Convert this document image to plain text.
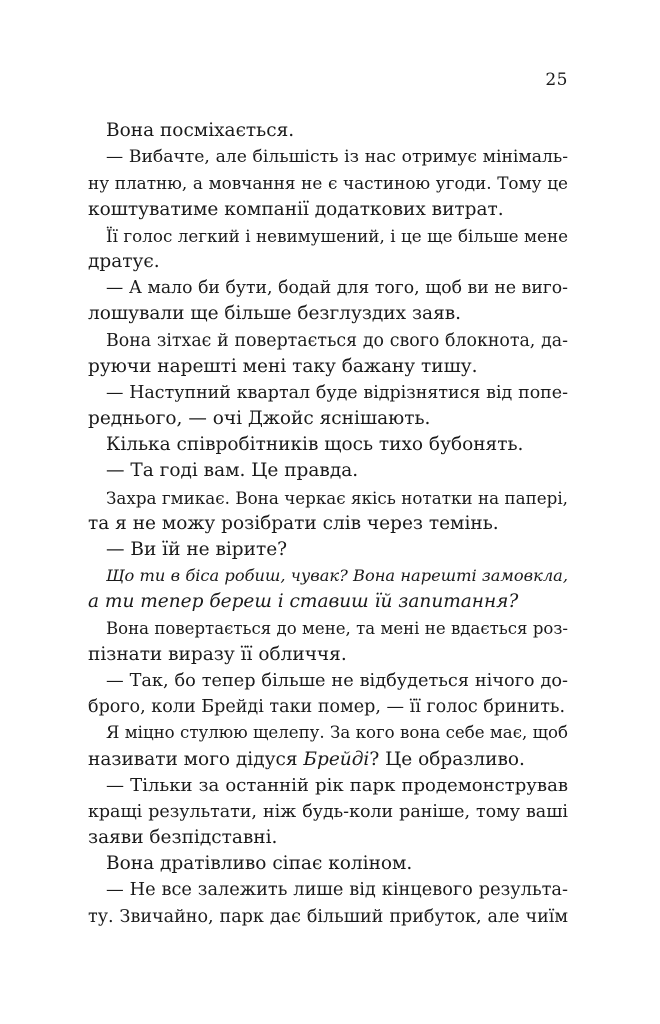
25
Вона посміхається.
— Вибачте, але більшість із нас отримує мінімаль-
ну платню, а мовчання не є частиною угоди. Тому це
коштуватиме компанії додаткових витрат.
Її голос легкий і невимушений, і це ще більше мене
дратує.
— А мало би бути, бодай для того, щоб ви не виго-
лошували ще більше безглуздих заяв.
Вона зітхає й повертається до свого блокнота, да-
руючи нарешті мені таку бажану тишу.
— Наступний квартал буде відрізнятися від попе-
реднього, — очі Джойс яснішають.
Кілька співробітників щось тихо бубонять.
— Та годі вам. Це правда.
Захра гмикає. Вона черкає якісь нотатки на папері,
та я не можу розібрати слів через темінь.
— Ви їй не вірите?
Що ти в біса робиш, чувак? Вона нарешті замовкла,
а ти тепер береш і ставиш їй запитання?
Вона повертається до мене, та мені не вдається роз-
пізнати виразу її обличчя.
— Так, бо тепер більше не відбудеться нічого до-
брого, коли Брейді таки помер, — її голос бринить.
Я міцно стулюю щелепу. За кого вона себе має, щоб
називати мого дідуся Брейді? Це образливо.
— Тільки за останній рік парк продемонстрував
кращі результати, ніж будь-коли раніше, тому ваші
заяви безпідставні.
Вона дратівливо сіпає коліном.
— Не все залежить лише від кінцевого результа-
ту. Звичайно, парк дає більший прибуток, але чиїм
